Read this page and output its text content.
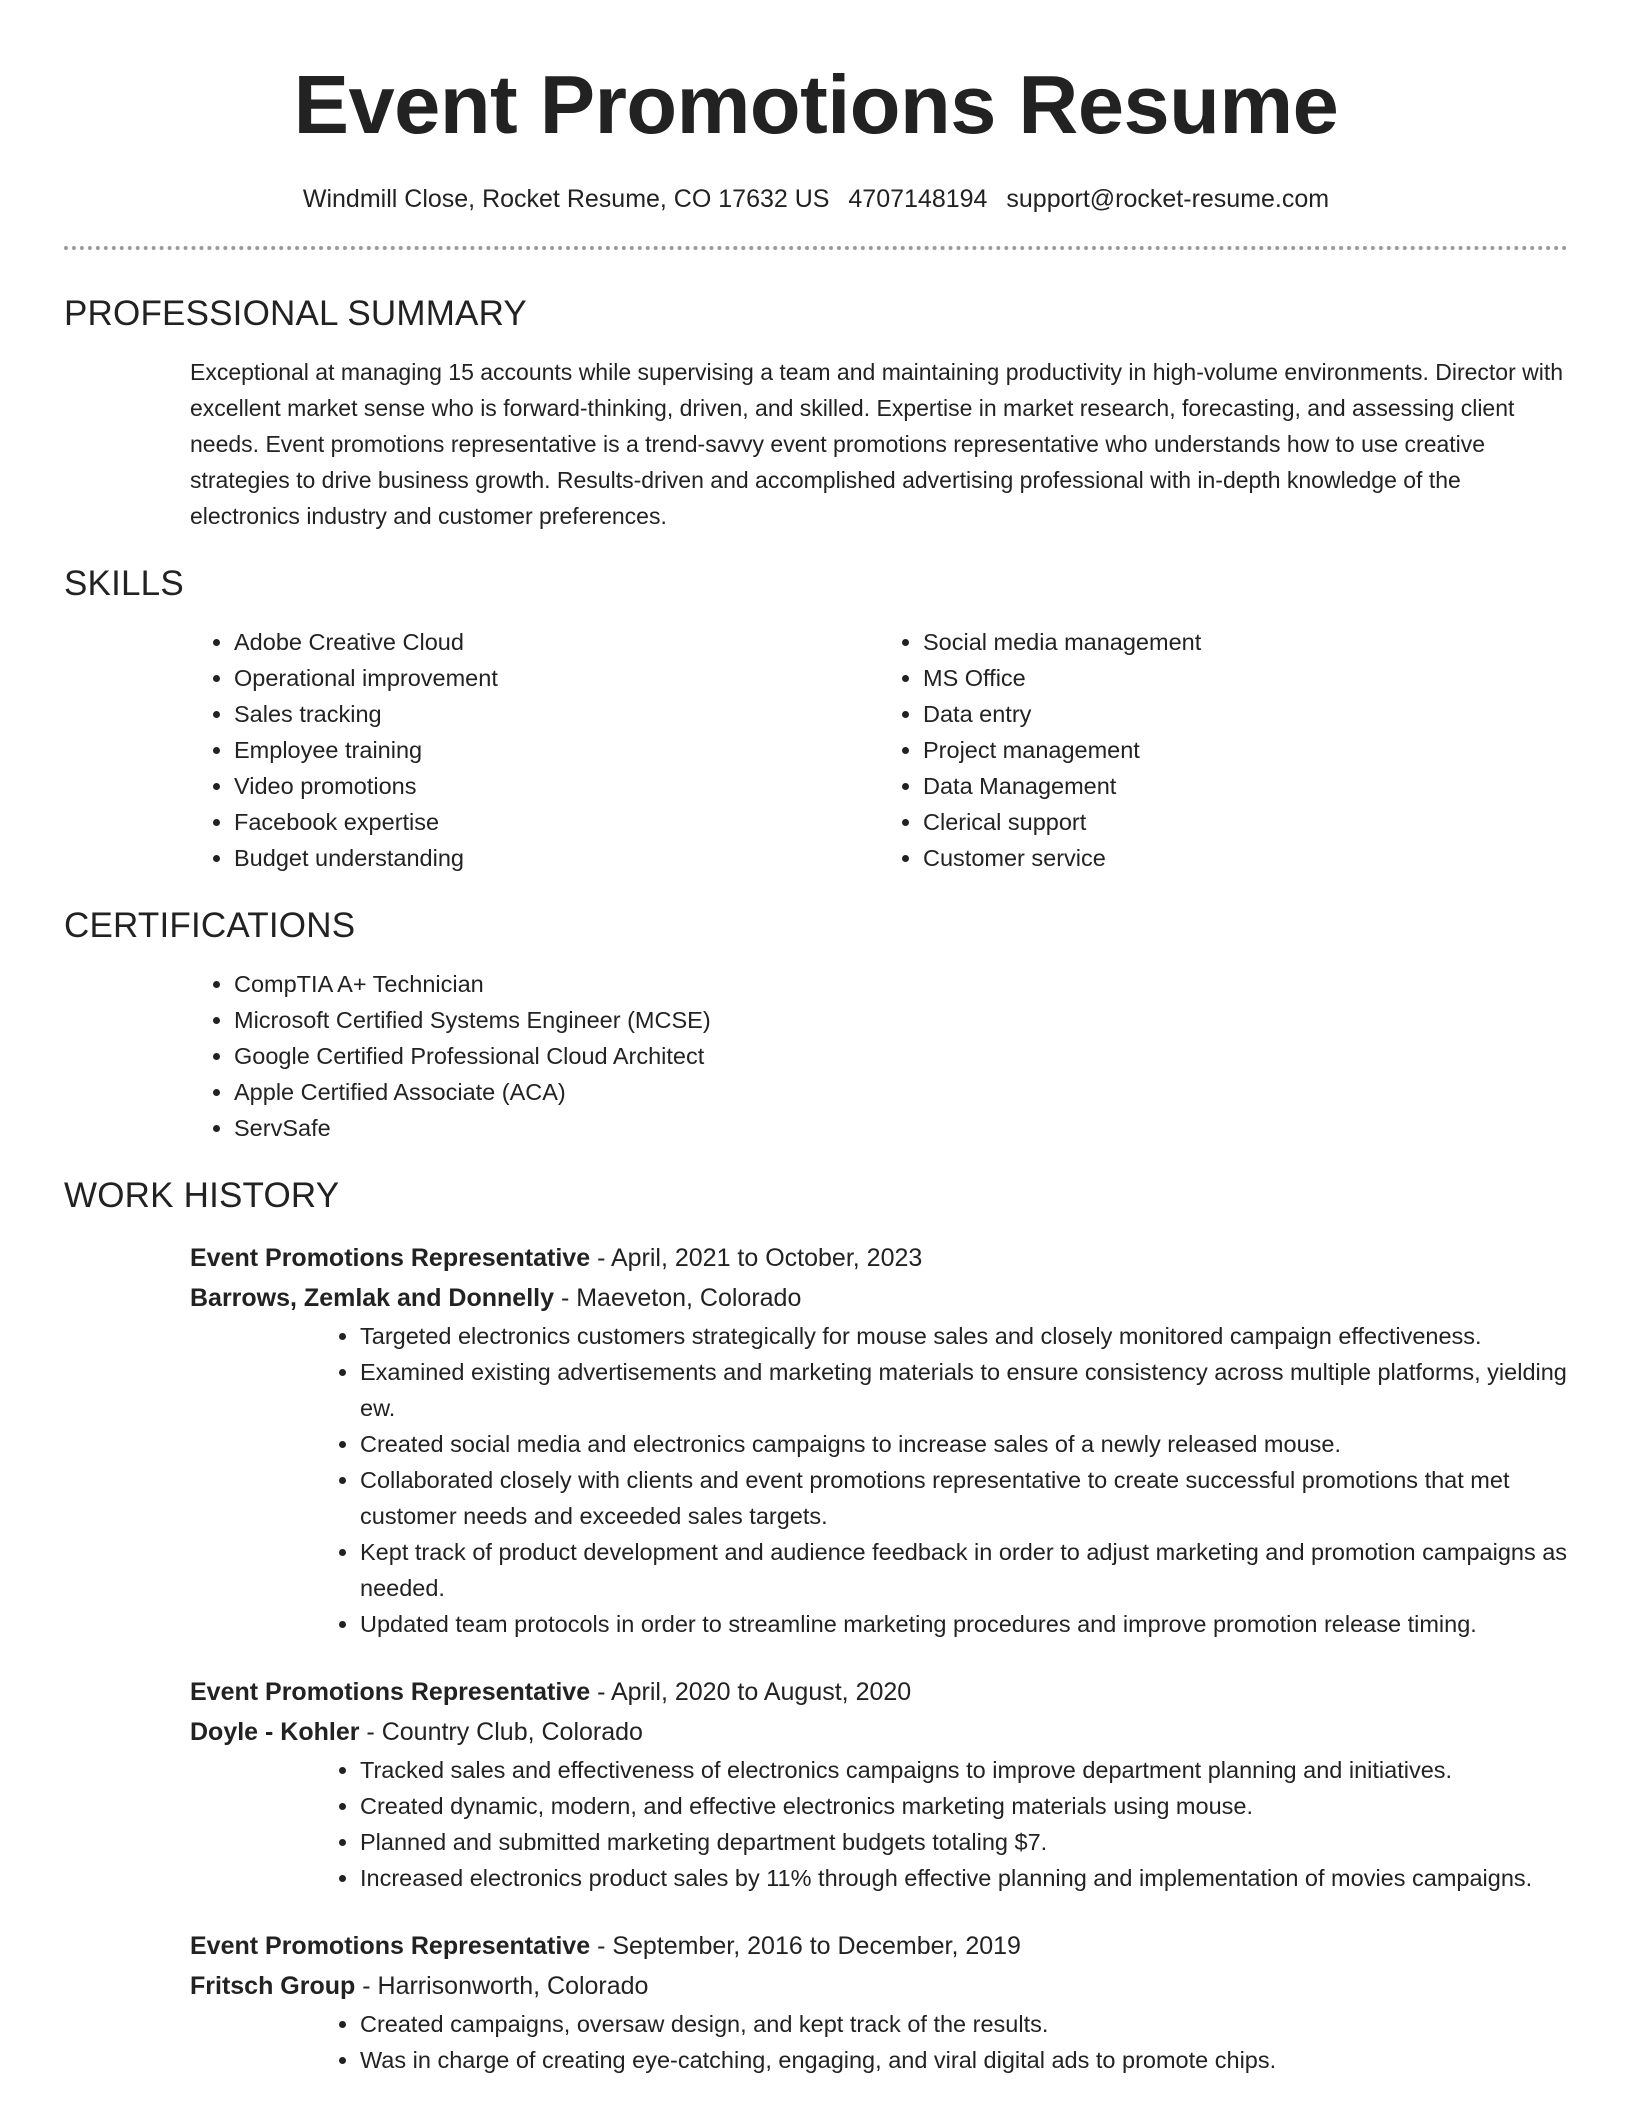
Event Promotions Resume
Windmill Close, Rocket Resume, CO 17632 US 4707148194 support@rocket-resume.com
PROFESSIONAL SUMMARY

Exceptional at managing 15 accounts while supervising a team and maintaining productivity in high-volume environments. Director with excellent market sense who is forward-thinking, driven, and skilled. Expertise in market research, forecasting, and assessing client needs. Event promotions representative is a trend-savvy event promotions representative who understands how to use creative strategies to drive business growth. Results-driven and accomplished advertising professional with in-depth knowledge of the electronics industry and customer preferences.

SKILLS
• Adobe Creative Cloud
• Operational improvement
• Sales tracking
• Employee training
• Video promotions
• Facebook expertise
• Budget understanding
• Social media management
• MS Office
• Data entry
• Project management
• Data Management
• Clerical support
• Customer service
CERTIFICATIONS
• CompTIA A+ Technician
• Microsoft Certified Systems Engineer (MCSE)
• Google Certified Professional Cloud Architect
• Apple Certified Associate (ACA)
• ServSafe
WORK HISTORY

Event Promotions Representative - April, 2021 to October, 2023

Barrows, Zemlak and Donnelly - Maeveton, Colorado

• Targeted electronics customers strategically for mouse sales and closely monitored campaign effectiveness.
• Examined existing advertisements and marketing materials to ensure consistency across multiple platforms, yielding ew.
• Created social media and electronics campaigns to increase sales of a newly released mouse.
• Collaborated closely with clients and event promotions representative to create successful promotions that met customer needs and exceeded sales targets.
• Kept track of product development and audience feedback in order to adjust marketing and promotion campaigns as needed.
• Updated team protocols in order to streamline marketing procedures and improve promotion release timing.

Event Promotions Representative - April, 2020 to August, 2020

Doyle - Kohler - Country Club, Colorado

• Tracked sales and effectiveness of electronics campaigns to improve department planning and initiatives.
• Created dynamic, modern, and effective electronics marketing materials using mouse.
• Planned and submitted marketing department budgets totaling $7.
• Increased electronics product sales by 11% through effective planning and implementation of movies campaigns.

Event Promotions Representative - September, 2016 to December, 2019

Fritsch Group - Harrisonworth, Colorado

• Created campaigns, oversaw design, and kept track of the results.
• Was in charge of creating eye-catching, engaging, and viral digital ads to promote chips.
